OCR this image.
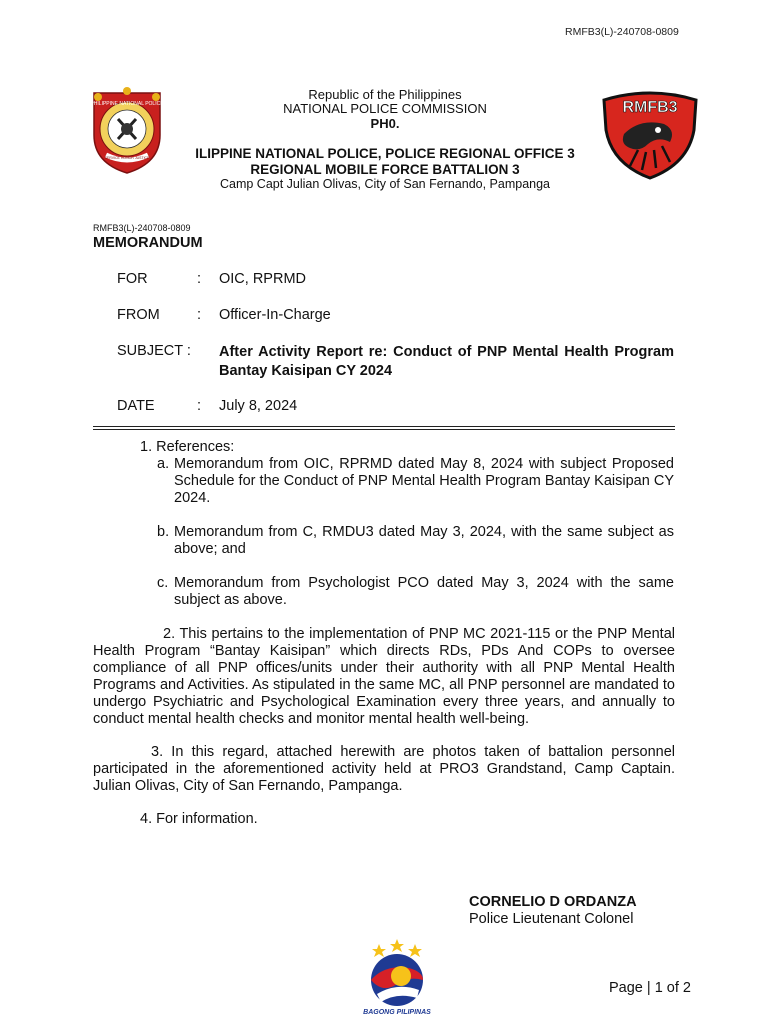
RMFB3(L)-240708-0809
PHILIPPINE NATIONAL POLICE
SERVICE HONOR JUSTICE
Republic of the Philippines
NATIONAL POLICE COMMISSION
PH0.
ILIPPINE NATIONAL POLICE, POLICE REGIONAL OFFICE 3
REGIONAL MOBILE FORCE BATTALION 3
Camp Capt Julian Olivas, City of San Fernando, Pampanga
RMFB3
RMFB3(L)-240708-0809
MEMORANDUM
FOR	: OIC, RPRMD
FROM	: Officer-In-Charge
SUBJECT : After Activity Report re: Conduct of PNP Mental Health Program Bantay Kaisipan CY 2024
DATE	: July 8, 2024
1. References:
a. Memorandum from OIC, RPRMD dated May 8, 2024 with subject Proposed Schedule for the Conduct of PNP Mental Health Program Bantay Kaisipan CY 2024.
b. Memorandum from C, RMDU3 dated May 3, 2024, with the same subject as above; and
c. Memorandum from Psychologist PCO dated May 3, 2024 with the same subject as above.
2. This pertains to the implementation of PNP MC 2021-115 or the PNP Mental Health Program “Bantay Kaisipan” which directs RDs, PDs And COPs to oversee compliance of all PNP offices/units under their authority with all PNP Mental Health Programs and Activities. As stipulated in the same MC, all PNP personnel are mandated to undergo Psychiatric and Psychological Examination every three years, and annually to conduct mental health checks and monitor mental health well-being.
3. In this regard, attached herewith are photos taken of battalion personnel participated in the aforementioned activity held at PRO3 Grandstand, Camp Captain. Julian Olivas, City of San Fernando, Pampanga.
4. For information.
CORNELIO D ORDANZA
Police Lieutenant Colonel
BAGONG PILIPINAS
Page | 1 of 2
